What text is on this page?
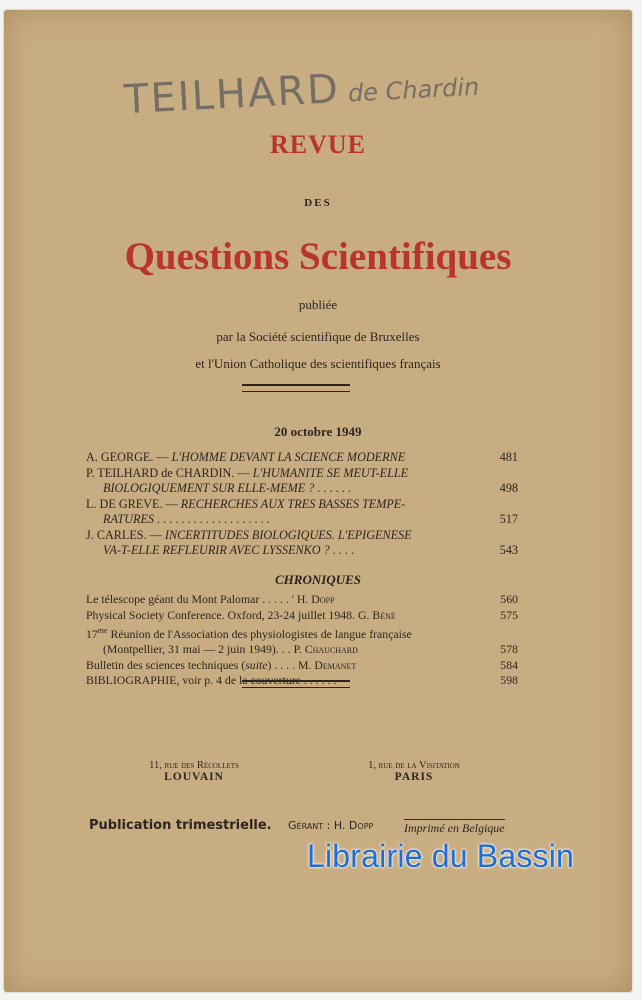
TEILHARD de Chardin
REVUE
DES
Questions Scientifiques
publiée
par la Société scientifique de Bruxelles
et l'Union Catholique des scientifiques français
20 octobre 1949
A. GEORGE. — L'HOMME DEVANT LA SCIENCE MODERNE	481
P. TEILHARD de CHARDIN. — L'HUMANITE SE MEUT-ELLE
BIOLOGIQUEMENT SUR ELLE-MEME ? . . . . . .	498
L. DE GREVE. — RECHERCHES AUX TRES BASSES TEMPE-
RATURES . . . . . . . . . . . . . . . . . . .	517
J. CARLES. — INCERTITUDES BIOLOGIQUES. L'EPIGENESE
VA-T-ELLE REFLEURIR AVEC LYSSENKO ? . . . .	543
CHRONIQUES
Le télescope géant du Mont Palomar . . . . . ' H. Dopp	560
Physical Society Conference. Oxford, 23-24 juillet 1948. G. Béné	575
$17^{me}$ Réunion de l'Association des physiologistes de langue française
(Montpellier, 31 mai — 2 juin 1949). . . P. Chauchard	578
Bulletin des sciences techniques (suite) . . . . M. Demanet	584
BIBLIOGRAPHIE, voir p. 4 de la couverture . . . . . .	598
11, rue des Récollets
LOUVAIN
1, rue de la Visitation
PARIS
Publication trimestrielle. Gérant : H. Dopp	Imprimé en Belgique
Librairie du Bassin
